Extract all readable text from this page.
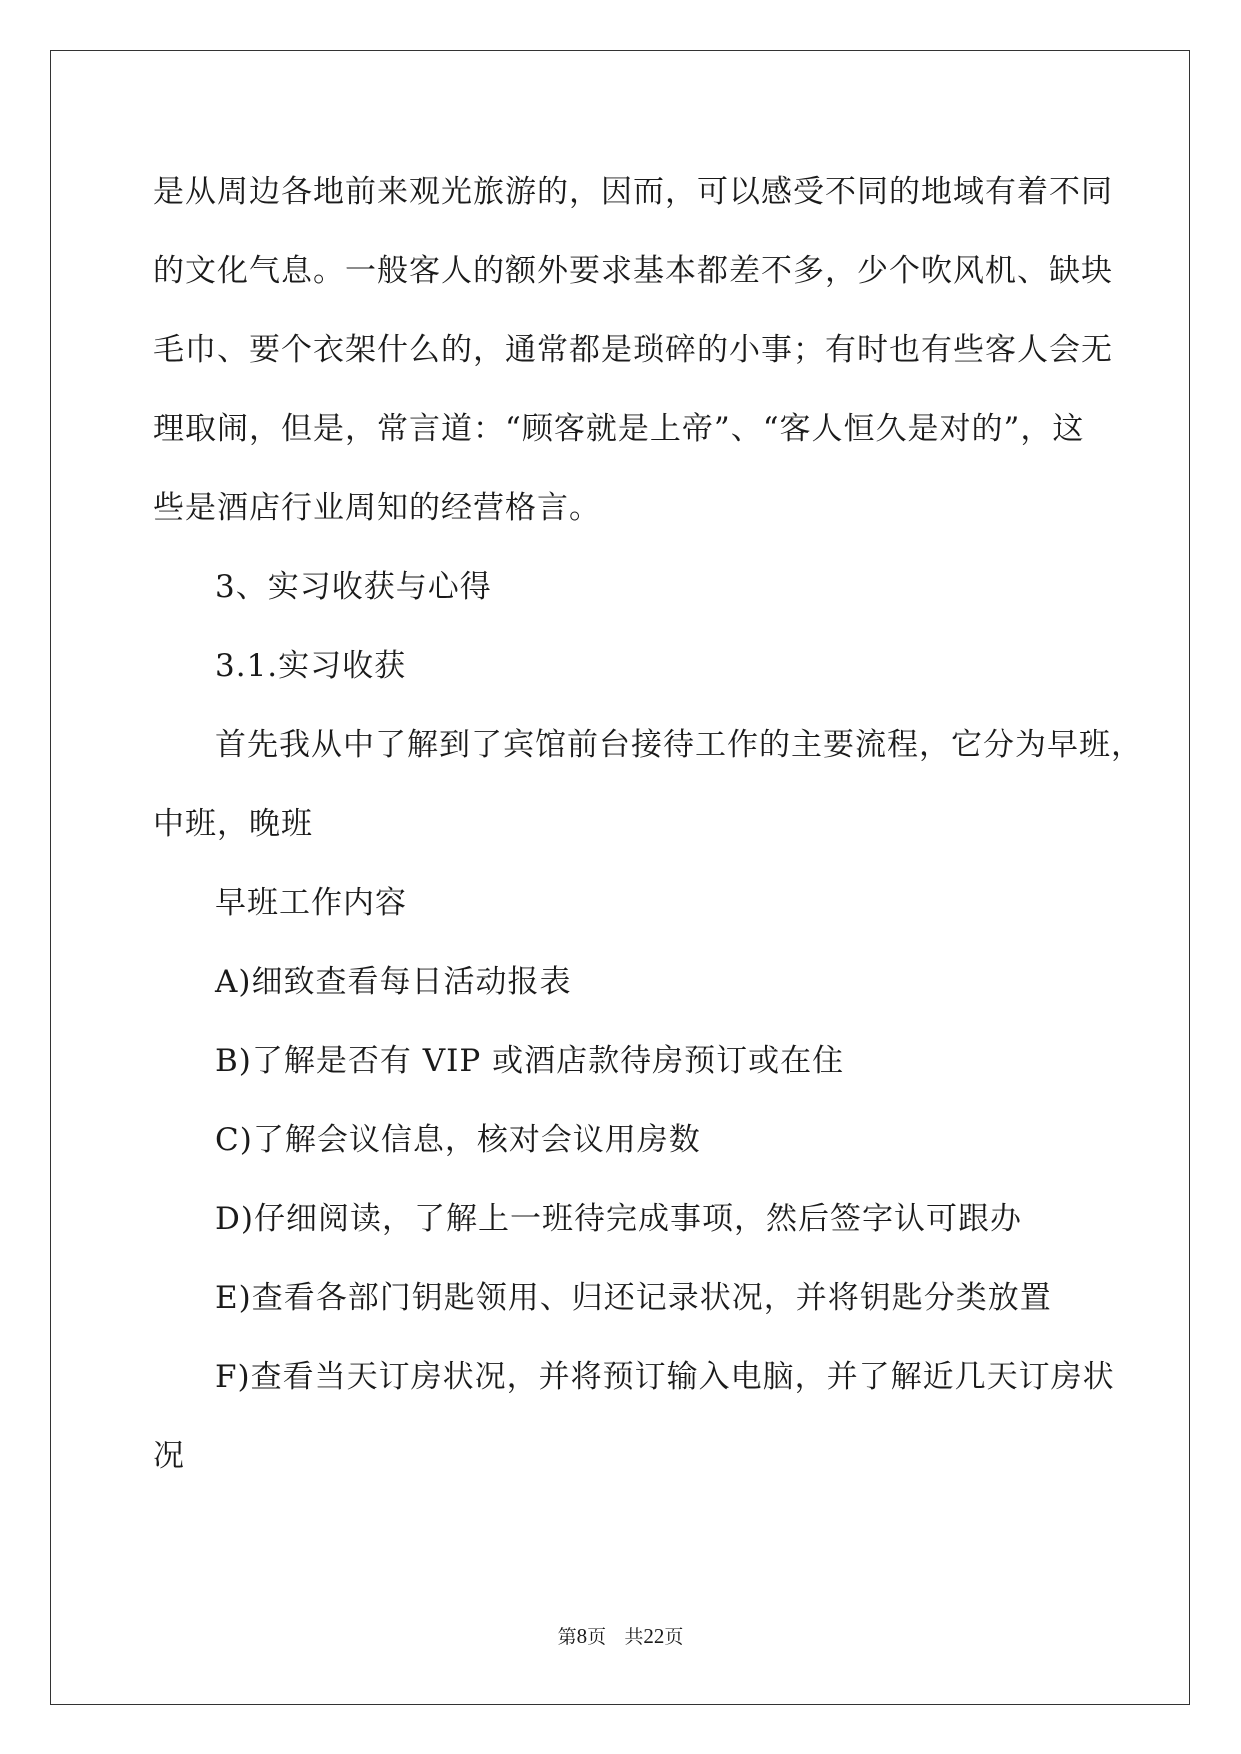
是从周边各地前来观光旅游的，因而，可以感受不同的地域有着不同
的文化气息。一般客人的额外要求基本都差不多，少个吹风机、缺块
毛巾、要个衣架什么的，通常都是琐碎的小事；有时也有些客人会无
理取闹，但是，常言道：“顾客就是上帝”、“客人恒久是对的”，这
些是酒店行业周知的经营格言。
3、实习收获与心得
3.1.实习收获
首先我从中了解到了宾馆前台接待工作的主要流程，它分为早班，
中班，晚班
早班工作内容
A)细致查看每日活动报表
B)了解是否有 VIP 或酒店款待房预订或在住
C)了解会议信息，核对会议用房数
D)仔细阅读，了解上一班待完成事项，然后签字认可跟办
E)查看各部门钥匙领用、归还记录状况，并将钥匙分类放置
F)查看当天订房状况，并将预订输入电脑，并了解近几天订房状
况
第8页 共22页
